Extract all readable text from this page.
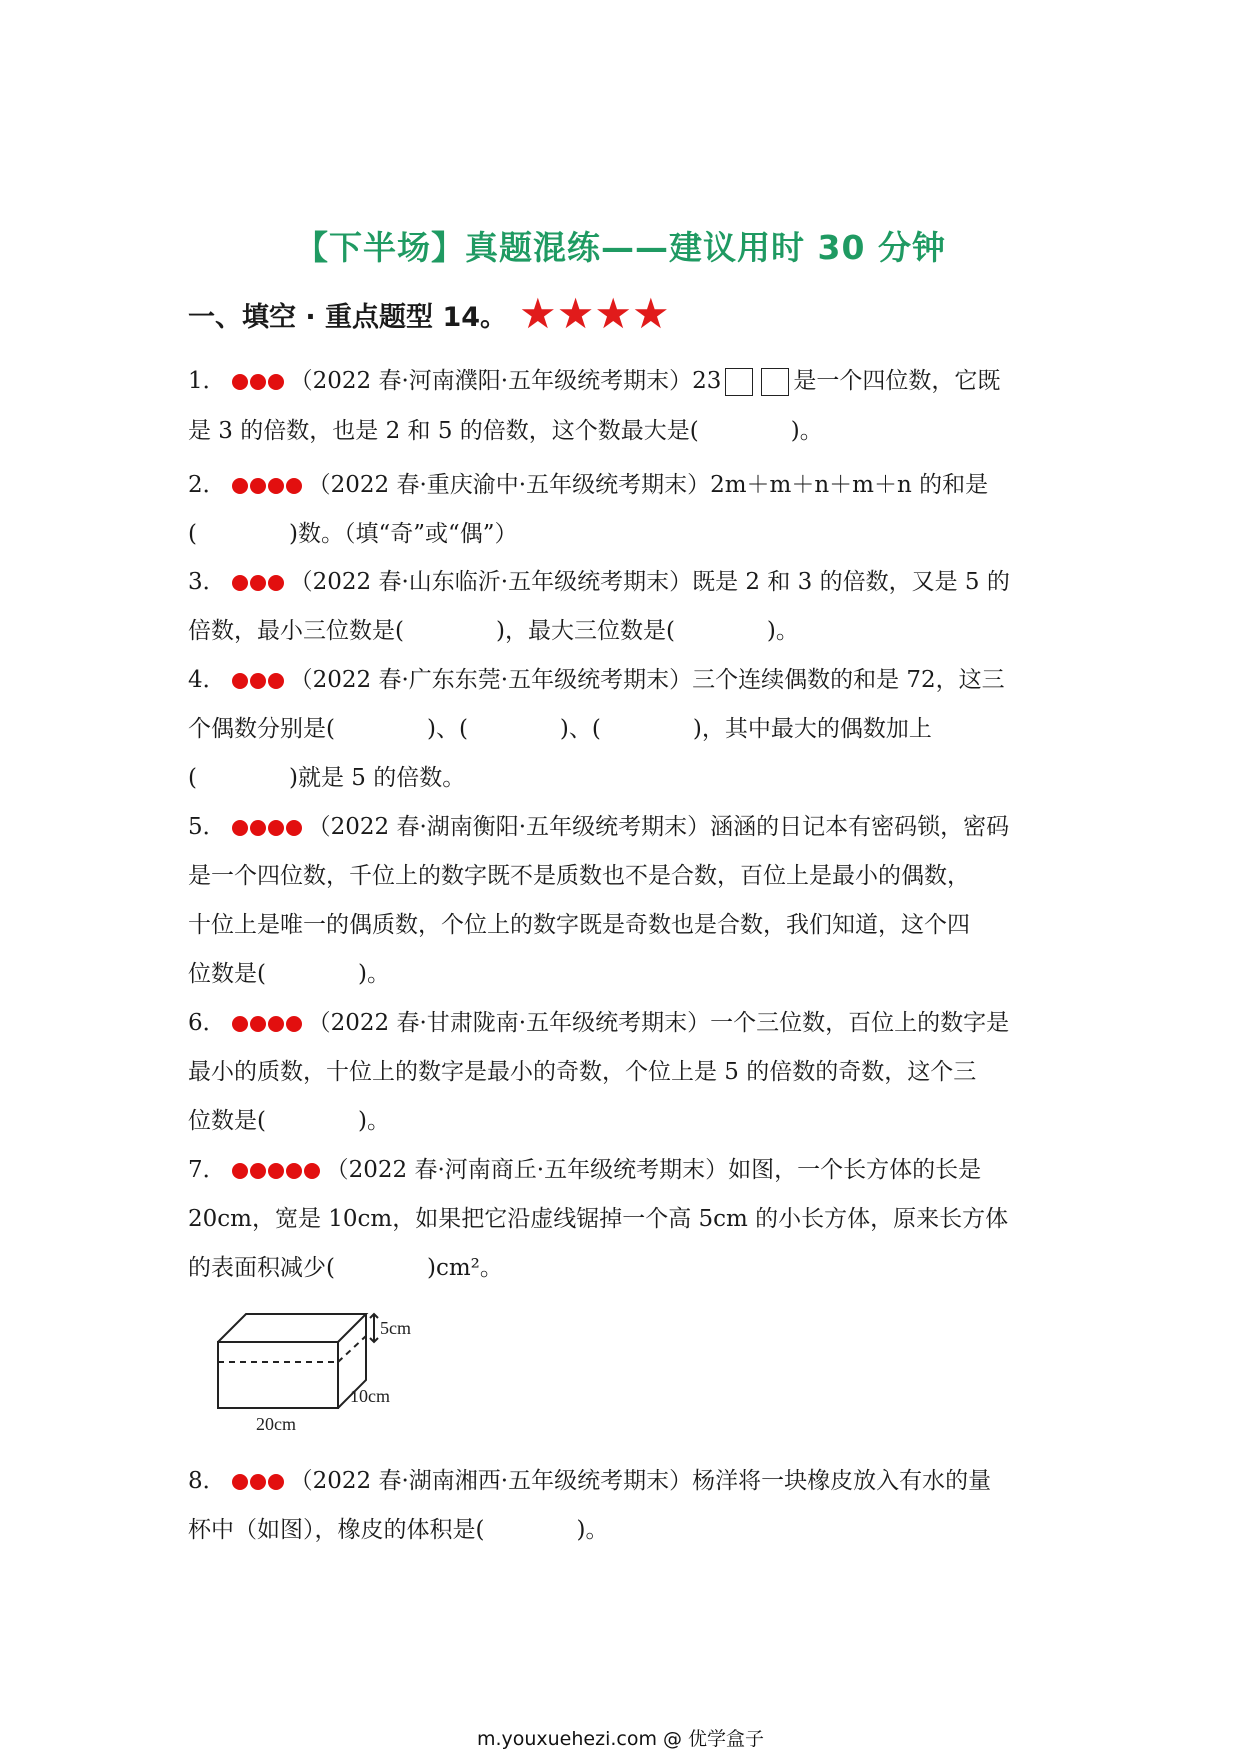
【下半场】真题混练——建议用时 30 分钟
一、填空 · 重点题型 14。 ★ ★ ★ ★
1．	（2022 春·河南濮阳·五年级统考期末）23	是一个四位数，它既
是 3 的倍数，也是 2 和 5 的倍数，这个数最大是(　　　　)。
2．	（2022 春·重庆渝中·五年级统考期末）2m＋m＋n＋m＋n 的和是
(　　　　)数。（填“奇”或“偶”）
3．	（2022 春·山东临沂·五年级统考期末）既是 2 和 3 的倍数，又是 5 的
倍数，最小三位数是(　　　　)，最大三位数是(　　　　)。
4．	（2022 春·广东东莞·五年级统考期末）三个连续偶数的和是 72，这三
个偶数分别是(　　　　)、(　　　　)、(　　　　)，其中最大的偶数加上
(　　　　)就是 5 的倍数。
5．	（2022 春·湖南衡阳·五年级统考期末）涵涵的日记本有密码锁，密码
是一个四位数，千位上的数字既不是质数也不是合数，百位上是最小的偶数，
十位上是唯一的偶质数，个位上的数字既是奇数也是合数，我们知道，这个四
位数是(　　　　)。
6．	（2022 春·甘肃陇南·五年级统考期末）一个三位数，百位上的数字是
最小的质数，十位上的数字是最小的奇数，个位上是 5 的倍数的奇数，这个三
位数是(　　　　)。
7．	（2022 春·河南商丘·五年级统考期末）如图，一个长方体的长是
20cm，宽是 10cm，如果把它沿虚线锯掉一个高 5cm 的小长方体，原来长方体
的表面积减少(　　　　)cm²。
5cm
10cm
20cm
8．	（2022 春·湖南湘西·五年级统考期末）杨洋将一块橡皮放入有水的量
杯中（如图），橡皮的体积是(　　　　)。
m.youxuehezi.com @ 优学盒子
